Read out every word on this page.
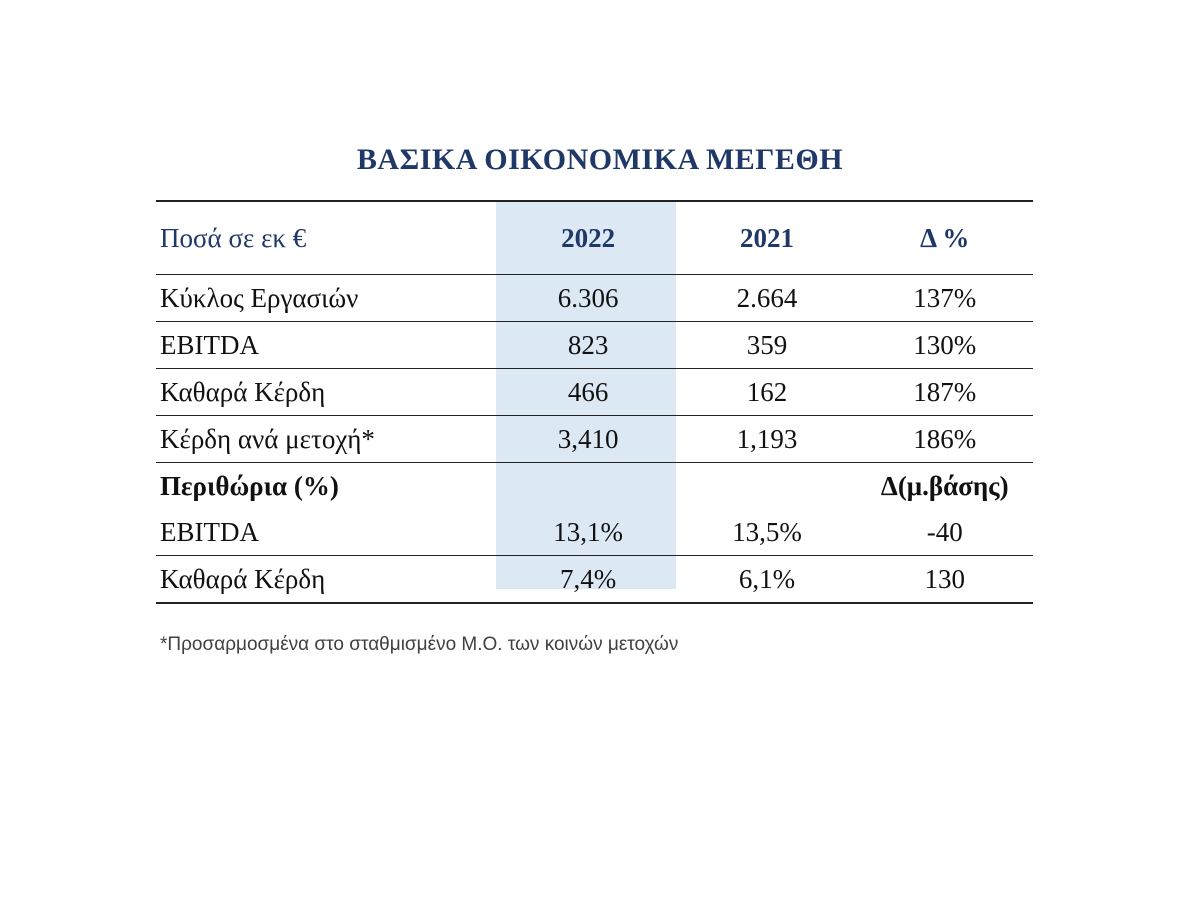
ΒΑΣΙΚΑ ΟΙΚΟΝΟΜΙΚΑ ΜΕΓΕΘΗ
Ποσά σε εκ €	2022	2021	Δ %
Κύκλος Εργασιών	6.306	2.664	137%
EBITDA	823	359	130%
Καθαρά Κέρδη	466	162	187%
Κέρδη ανά μετοχή*	3,410	1,193	186%
Περιθώρια (%)			Δ(μ.βάσης)
EBITDA	13,1%	13,5%	-40
Καθαρά Κέρδη	7,4%	6,1%	130
*Προσαρμοσμένα στο σταθμισμένο Μ.Ο. των κοινών μετοχών
